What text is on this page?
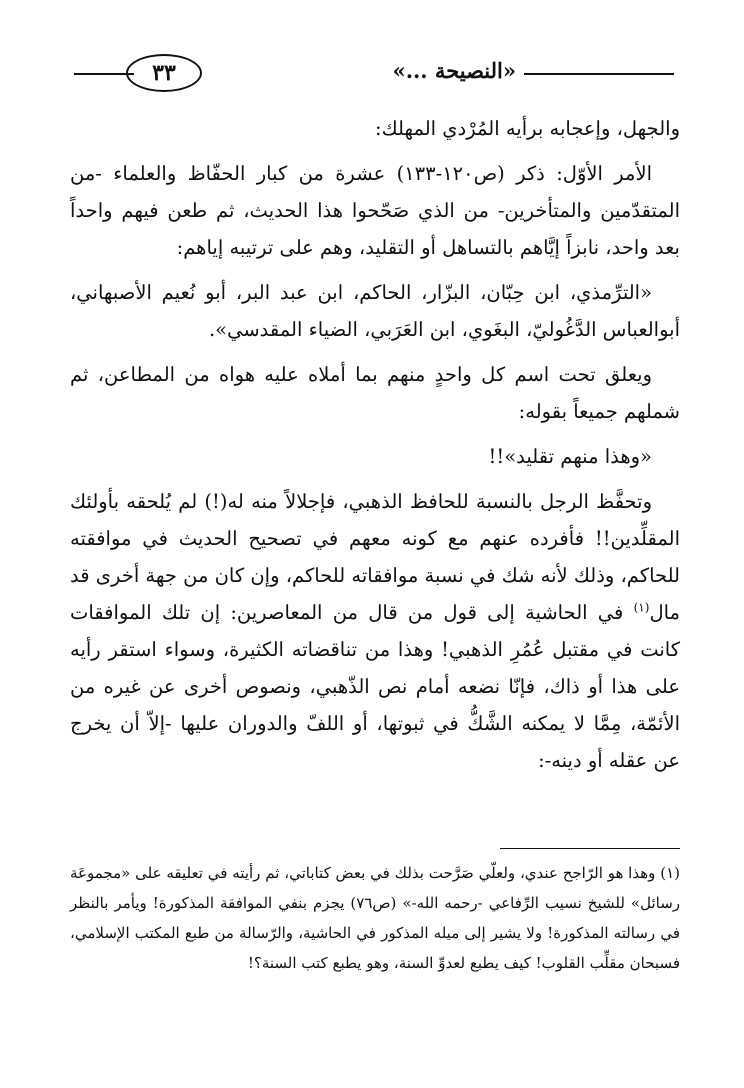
«النصيحة ...»
٣٣

والجهل، وإعجابه برأيه المُرْدي المهلك:

الأمر الأوّل: ذكر (ص١٢٠-١٣٣) عشرة من كبار الحفّاظ والعلماء -من المتقدّمين والمتأخرين- من الذي صَحّحوا هذا الحديث، ثم طعن فيهم واحداً بعد واحد، نابزاً إيَّاهم بالتساهل أو التقليد، وهم على ترتيبه إياهم:

«الترِّمذي، ابن حِبّان، البزّار، الحاكم، ابن عبد البر، أبو نُعيم الأصبهاني، أبوالعباس الدَّغُوليّ، البغَوي، ابن العَرَبي، الضياء المقدسي».

ويعلق تحت اسم كل واحدٍ منهم بما أملاه عليه هواه من المطاعن، ثم شملهم جميعاً بقوله:

«وهذا منهم تقليد»!!

وتحفَّظ الرجل بالنسبة للحافظ الذهبي، فإجلالاً منه له(!) لم يُلحقه بأولئك المقلِّدين!! فأفرده عنهم مع كونه معهم في تصحيح الحديث في موافقته للحاكم، وذلك لأنه شك في نسبة موافقاته للحاكم، وإن كان من جهة أخرى قد مال$^{(١)}$ في الحاشية إلى قول من قال من المعاصرين: إن تلك الموافقات كانت في مقتبل عُمُرِ الذهبي! وهذا من تناقضاته الكثيرة، وسواء استقر رأيه على هذا أو ذاك، فإنّا نضعه أمام نص الذّهبي، ونصوص أخرى عن غيره من الأئمّة، مِمَّا لا يمكنه الشَّكُّ في ثبوتها، أو اللفّ والدوران عليها -إلاّ أن يخرج عن عقله أو دينه-:

(١) وهذا هو الرّاجح عندي، ولعلّي صَرَّحت بذلك في بعض كتاباتي، ثم رأيته في تعليقه على «مجموعَة رسائل» للشيخ نسيب الرِّفاعي -رحمه الله-» (ص٧٦) يجزم بنفي الموافقة المذكورة! ويأمر بالنظر في رسالته المذكورة! ولا يشير إلى ميله المذكور في الحاشية، والرّسالة من طبع المكتب الإسلامي، فسبحان مقلِّب القلوب! كيف يطبع لعدوِّ السنة، وهو يطبع كتب السنة؟!
